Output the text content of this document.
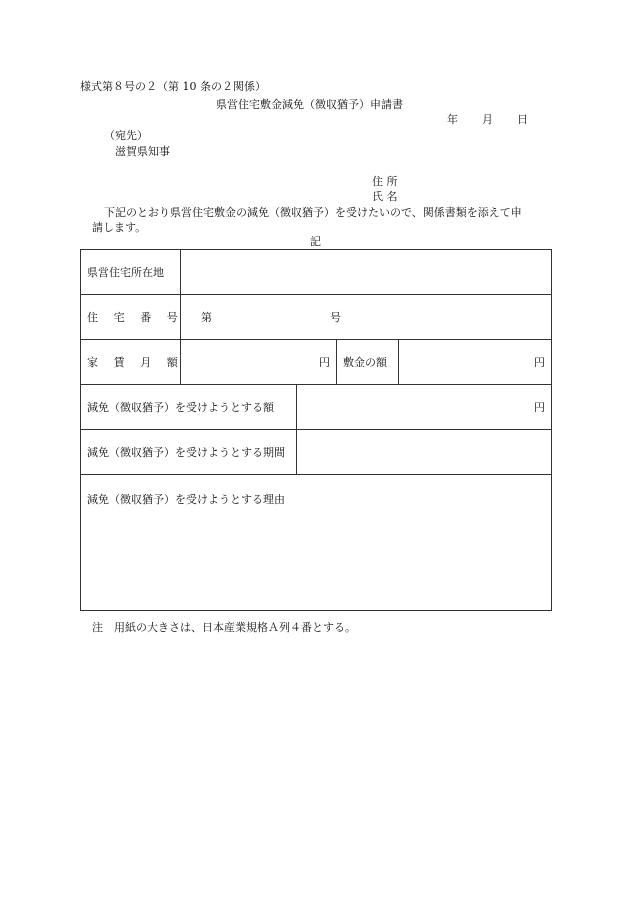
様式第８号の２（第 10 条の２関係）
県営住宅敷金減免（徴収猶予）申請書
年 月 日
（宛先）
滋賀県知事
住 所
氏 名
下記のとおり県営住宅敷金の減免（徴収猶予）を受けたいので、関係書類を添えて申
請します。
記
県営住宅所在地				
住 宅 番 号	第 号			
家 賃 月 額	円		敷金の額	円
減免（徴収猶予）を受けようとする額		円		
減免（徴収猶予）を受けようとする期間				
減免（徴収猶予）を受けようとする理由				
注　用紙の大きさは、日本産業規格Ａ列４番とする。
